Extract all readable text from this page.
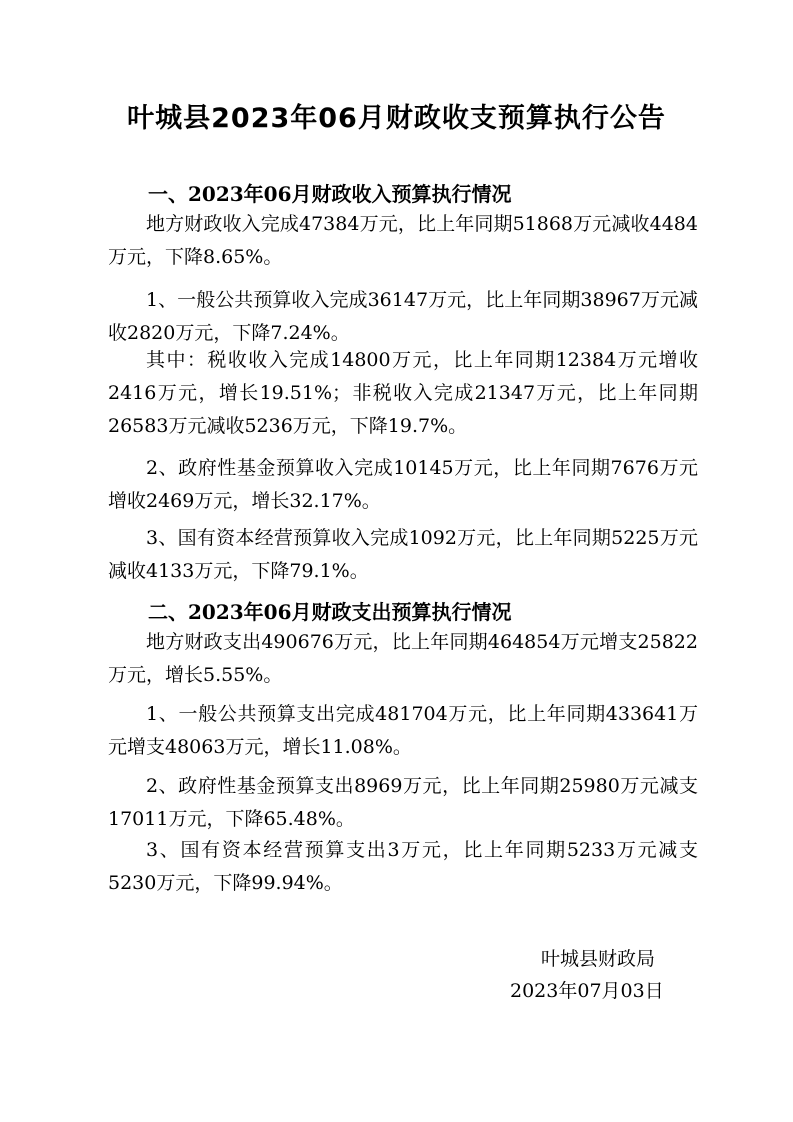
叶城县2023年06月财政收支预算执行公告
一、2023年06月财政收入预算执行情况

地方财政收入完成47384万元，比上年同期51868万元减收4484万元，下降8.65%。

1、一般公共预算收入完成36147万元，比上年同期38967万元减收2820万元，下降7.24%。

其中：税收收入完成14800万元，比上年同期12384万元增收2416万元，增长19.51%；非税收入完成21347万元，比上年同期26583万元减收5236万元，下降19.7%。

2、政府性基金预算收入完成10145万元，比上年同期7676万元增收2469万元，增长32.17%。

3、国有资本经营预算收入完成1092万元，比上年同期5225万元减收4133万元，下降79.1%。

二、2023年06月财政支出预算执行情况

地方财政支出490676万元，比上年同期464854万元增支25822万元，增长5.55%。

1、一般公共预算支出完成481704万元，比上年同期433641万元增支48063万元，增长11.08%。

2、政府性基金预算支出8969万元，比上年同期25980万元减支17011万元，下降65.48%。

3、国有资本经营预算支出3万元，比上年同期5233万元减支5230万元，下降99.94%。

叶城县财政局

2023年07月03日
